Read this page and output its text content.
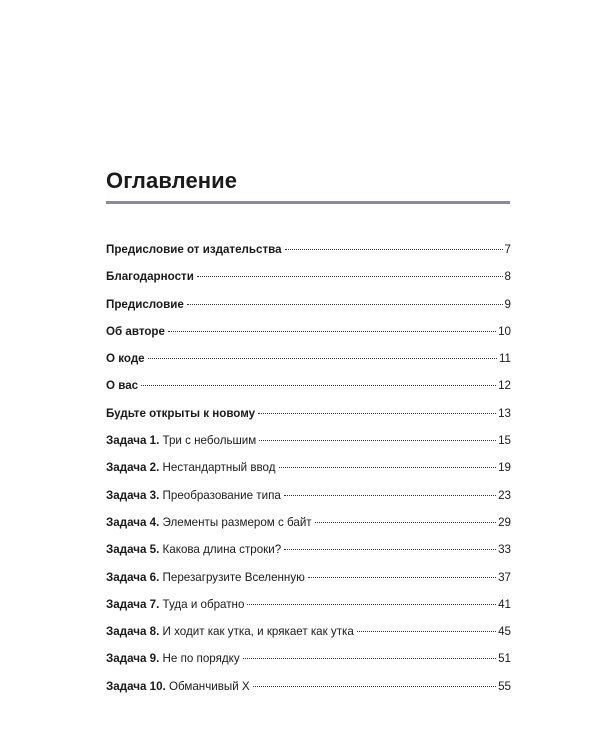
Оглавление
Предисловие от издательства	7
Благодарности	8
Предисловие	9
Об авторе	10
О коде	11
О вас	12
Будьте открыты к новому	13
Задача 1. Три с небольшим	15
Задача 2. Нестандартный ввод	19
Задача 3. Преобразование типа	23
Задача 4. Элементы размером с байт	29
Задача 5. Какова длина строки?	33
Задача 6. Перезагрузите Вселенную	37
Задача 7. Туда и обратно	41
Задача 8. И ходит как утка, и крякает как утка	45
Задача 9. Не по порядку	51
Задача 10. Обманчивый X	55
